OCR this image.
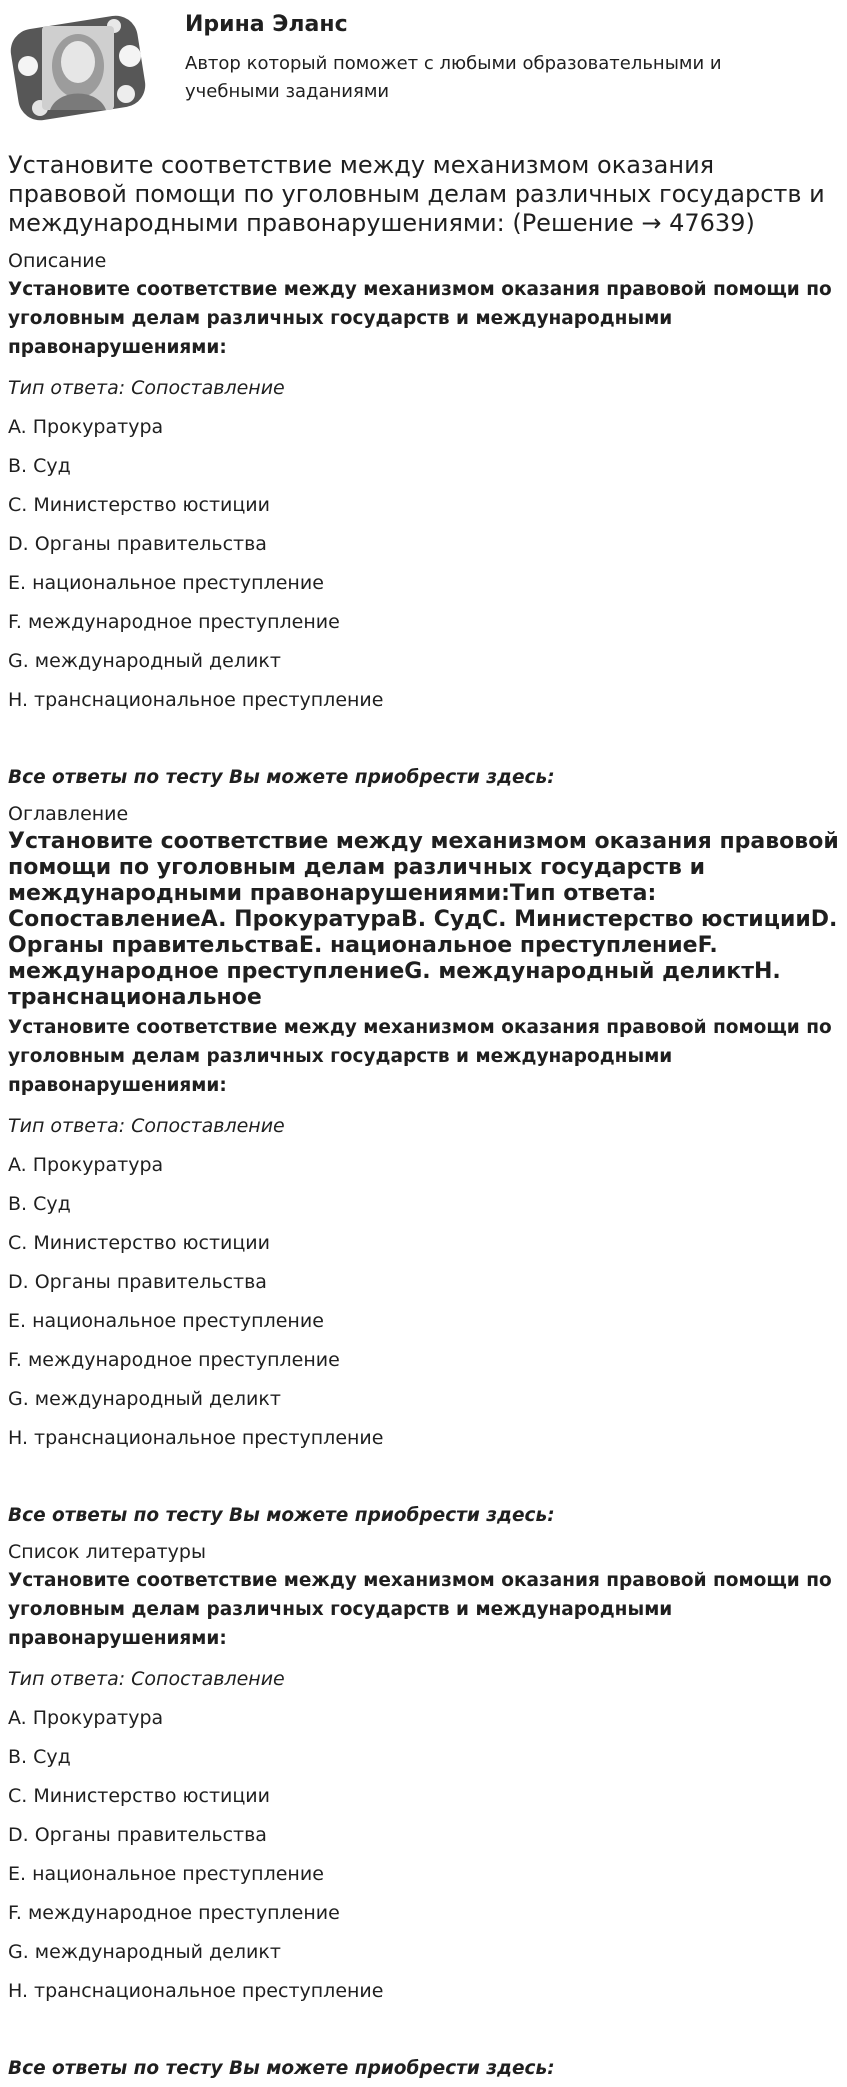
Ирина Эланс

Автор который поможет с любыми образовательными и учебными заданиями

Установите соответствие между механизмом оказания правовой помощи по уголовным делам различных государств и международными правонарушениями: (Решение → 47639)
Описание
Установите соответствие между механизмом оказания правовой помощи по уголовным делам различных государств и международными правонарушениями:
Тип ответа: Сопоставление
A. Прокуратура
B. Суд
C. Министерство юстиции
D. Органы правительства
E. национальное преступление
F. международное преступление
G. международный деликт
H. транснациональное преступление
Все ответы по тесту Вы можете приобрести здесь:
Оглавление
Установите соответствие между механизмом оказания правовой помощи по уголовным делам различных государств и международными правонарушениями:Тип ответа: СопоставлениеA. ПрокуратураB. СудC. Министерство юстицииD. Органы правительстваE. национальное преступлениеF. международное преступлениеG. международный деликтH. транснациональное
Установите соответствие между механизмом оказания правовой помощи по уголовным делам различных государств и международными правонарушениями:
Тип ответа: Сопоставление
A. Прокуратура
B. Суд
C. Министерство юстиции
D. Органы правительства
E. национальное преступление
F. международное преступление
G. международный деликт
H. транснациональное преступление
Все ответы по тесту Вы можете приобрести здесь:
Список литературы
Установите соответствие между механизмом оказания правовой помощи по уголовным делам различных государств и международными правонарушениями:
Тип ответа: Сопоставление
A. Прокуратура
B. Суд
C. Министерство юстиции
D. Органы правительства
E. национальное преступление
F. международное преступление
G. международный деликт
H. транснациональное преступление
Все ответы по тесту Вы можете приобрести здесь:
